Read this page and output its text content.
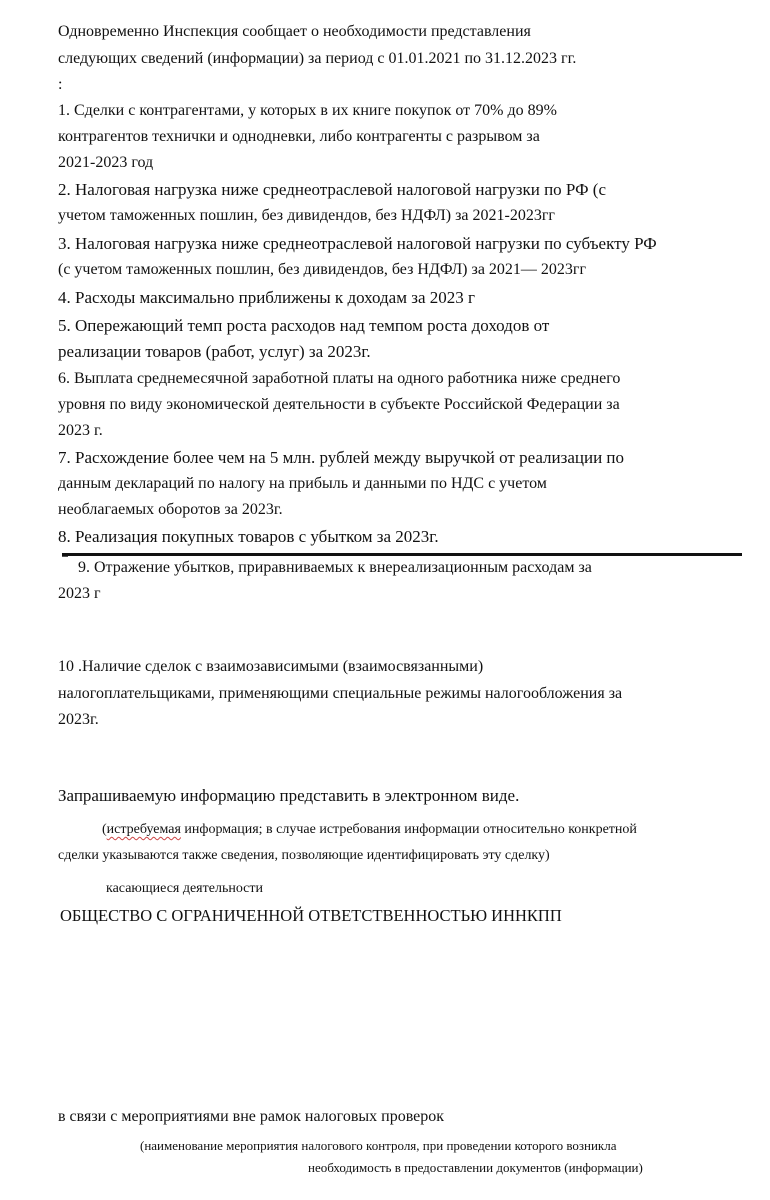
Одновременно Инспекция сообщает о необходимости представления
следующих сведений (информации) за период с 01.01.2021 по 31.12.2023 гг.
:
1. Сделки с контрагентами, у которых в их книге покупок от 70% до 89%
контрагентов технички и однодневки, либо контрагенты с разрывом за
2021-2023 год
2. Налоговая нагрузка ниже среднеотраслевой налоговой нагрузки по РФ (с
учетом таможенных пошлин, без дивидендов, без НДФЛ) за 2021-2023гг
3. Налоговая нагрузка ниже среднеотраслевой налоговой нагрузки по субъекту РФ
(с учетом таможенных пошлин, без дивидендов, без НДФЛ) за 2021— 2023гг
4. Расходы максимально приближены к доходам за 2023 г
5. Опережающий темп роста расходов над темпом роста доходов от
реализации товаров (работ, услуг) за 2023г.
6. Выплата среднемесячной заработной платы на одного работника ниже среднего
уровня по виду экономической деятельности в субъекте Российской Федерации за
2023 г.
7. Расхождение более чем на 5 млн. рублей между выручкой от реализации по
данным деклараций по налогу на прибыль и данными по НДС с учетом
необлагаемых оборотов за 2023г.
8. Реализация покупных товаров с убытком за 2023г.
9. Отражение убытков, приравниваемых к внереализационным расходам за
2023 г
10 .Наличие сделок с взаимозависимыми (взаимосвязанными)
налогоплательщиками, применяющими специальные режимы налогообложения за
2023г.
Запрашиваемую информацию представить в электронном виде.
(истребуемая информация; в случае истребования информации относительно конкретной
сделки указываются также сведения, позволяющие идентифицировать эту сделку)
касающиеся деятельности
ОБЩЕСТВО С ОГРАНИЧЕННОЙ ОТВЕТСТВЕННОСТЬЮ ИННКПП
в связи с мероприятиями вне рамок налоговых проверок
(наименование мероприятия налогового контроля, при проведении которого возникла
необходимость в предоставлении документов (информации)
